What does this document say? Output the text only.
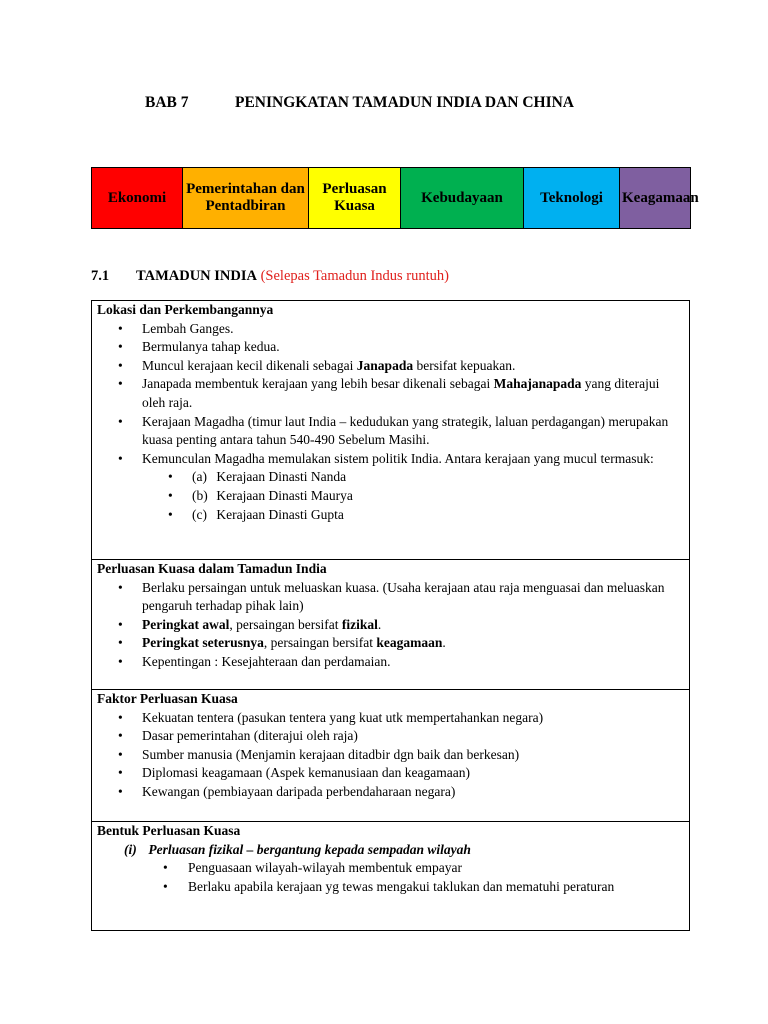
BAB 7	PENINGKATAN TAMADUN INDIA DAN CHINA
Ekonomi	Pemerintahan dan Pentadbiran	Perluasan Kuasa	Kebudayaan	Teknologi	Keagamaan
7.1 TAMADUN INDIA (Selepas Tamadun Indus runtuh)
Lokasi dan Perkembangannya
• Lembah Ganges.
• Bermulanya tahap kedua.
• Muncul kerajaan kecil dikenali sebagai Janapada bersifat kepuakan.
• Janapada membentuk kerajaan yang lebih besar dikenali sebagai Mahajanapada yang diterajui oleh raja.
• Kerajaan Magadha (timur laut India – kedudukan yang strategik, laluan perdagangan) merupakan kuasa penting antara tahun 540-490 Sebelum Masihi.
• Kemunculan Magadha memulakan sistem politik India. Antara kerajaan yang mucul termasuk:
• (a) Kerajaan Dinasti Nanda
• (b) Kerajaan Dinasti Maurya
• (c) Kerajaan Dinasti Gupta
Perluasan Kuasa dalam Tamadun India
• Berlaku persaingan untuk meluaskan kuasa. (Usaha kerajaan atau raja menguasai dan meluaskan pengaruh terhadap pihak lain)
• Peringkat awal, persaingan bersifat fizikal.
• Peringkat seterusnya, persaingan bersifat keagamaan.
• Kepentingan : Kesejahteraan dan perdamaian.
Faktor Perluasan Kuasa
• Kekuatan tentera (pasukan tentera yang kuat utk mempertahankan negara)
• Dasar pemerintahan (diterajui oleh raja)
• Sumber manusia (Menjamin kerajaan ditadbir dgn baik dan berkesan)
• Diplomasi keagamaan (Aspek kemanusiaan dan keagamaan)
• Kewangan (pembiayaan daripada perbendaharaan negara)
Bentuk Perluasan Kuasa
(i) Perluasan fizikal – bergantung kepada sempadan wilayah
• Penguasaan wilayah-wilayah membentuk empayar
• Berlaku apabila kerajaan yg tewas mengakui taklukan dan mematuhi peraturan
